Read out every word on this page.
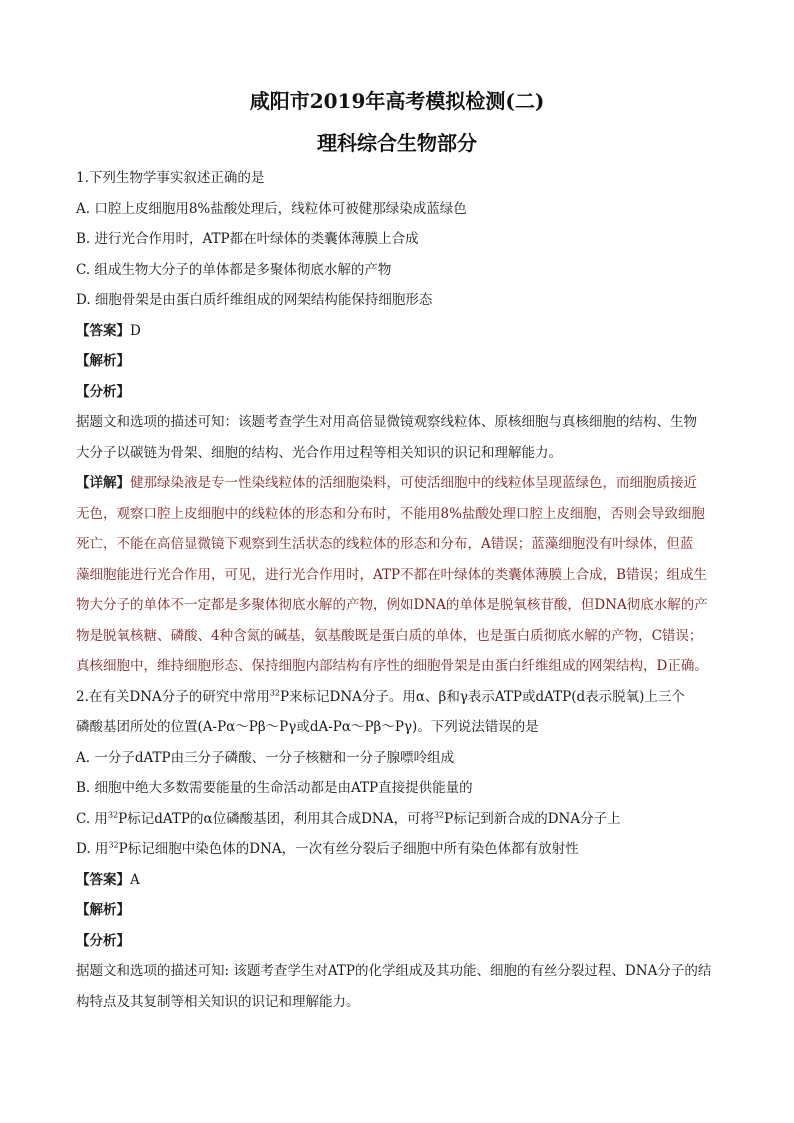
咸阳市2019年高考模拟检测(二)
理科综合生物部分
1.下列生物学事实叙述正确的是
A. 口腔上皮细胞用8%盐酸处理后，线粒体可被健那绿染成蓝绿色
B. 进行光合作用时，ATP都在叶绿体的类囊体薄膜上合成
C. 组成生物大分子的单体都是多聚体彻底水解的产物
D. 细胞骨架是由蛋白质纤维组成的网架结构能保持细胞形态
【答案】D
【解析】
【分析】
据题文和选项的描述可知：该题考查学生对用高倍显微镜观察线粒体、原核细胞与真核细胞的结构、生物
大分子以碳链为骨架、细胞的结构、光合作用过程等相关知识的识记和理解能力。
【详解】健那绿染液是专一性染线粒体的活细胞染料，可使活细胞中的线粒体呈现蓝绿色，而细胞质接近
无色，观察口腔上皮细胞中的线粒体的形态和分布时，不能用8%盐酸处理口腔上皮细胞，否则会导致细胞
死亡，不能在高倍显微镜下观察到生活状态的线粒体的形态和分布，A错误；蓝藻细胞没有叶绿体，但蓝
藻细胞能进行光合作用，可见，进行光合作用时，ATP不都在叶绿体的类囊体薄膜上合成，B错误；组成生
物大分子的单体不一定都是多聚体彻底水解的产物，例如DNA的单体是脱氧核苷酸，但DNA彻底水解的产
物是脱氧核糖、磷酸、4种含氮的碱基，氨基酸既是蛋白质的单体，也是蛋白质彻底水解的产物，C错误；
真核细胞中，维持细胞形态、保持细胞内部结构有序性的细胞骨架是由蛋白纤维组成的网架结构，D正确。
2.在有关DNA分子的研究中常用$^{32}$P来标记DNA分子。用α、β和γ表示ATP或dATP(d表示脱氧)上三个
磷酸基团所处的位置(A-Pα～Pβ～Pγ或dA-Pα～Pβ～Pγ)。下列说法错误的是
A. 一分子dATP由三分子磷酸、一分子核糖和一分子腺嘌呤组成
B. 细胞中绝大多数需要能量的生命活动都是由ATP直接提供能量的
C. 用$^{32}$P标记dATP的α位磷酸基团，利用其合成DNA，可将$^{32}$P标记到新合成的DNA分子上
D. 用$^{32}$P标记细胞中染色体的DNA，一次有丝分裂后子细胞中所有染色体都有放射性
【答案】A
【解析】
【分析】
据题文和选项的描述可知: 该题考查学生对ATP的化学组成及其功能、细胞的有丝分裂过程、DNA分子的结
构特点及其复制等相关知识的识记和理解能力。
